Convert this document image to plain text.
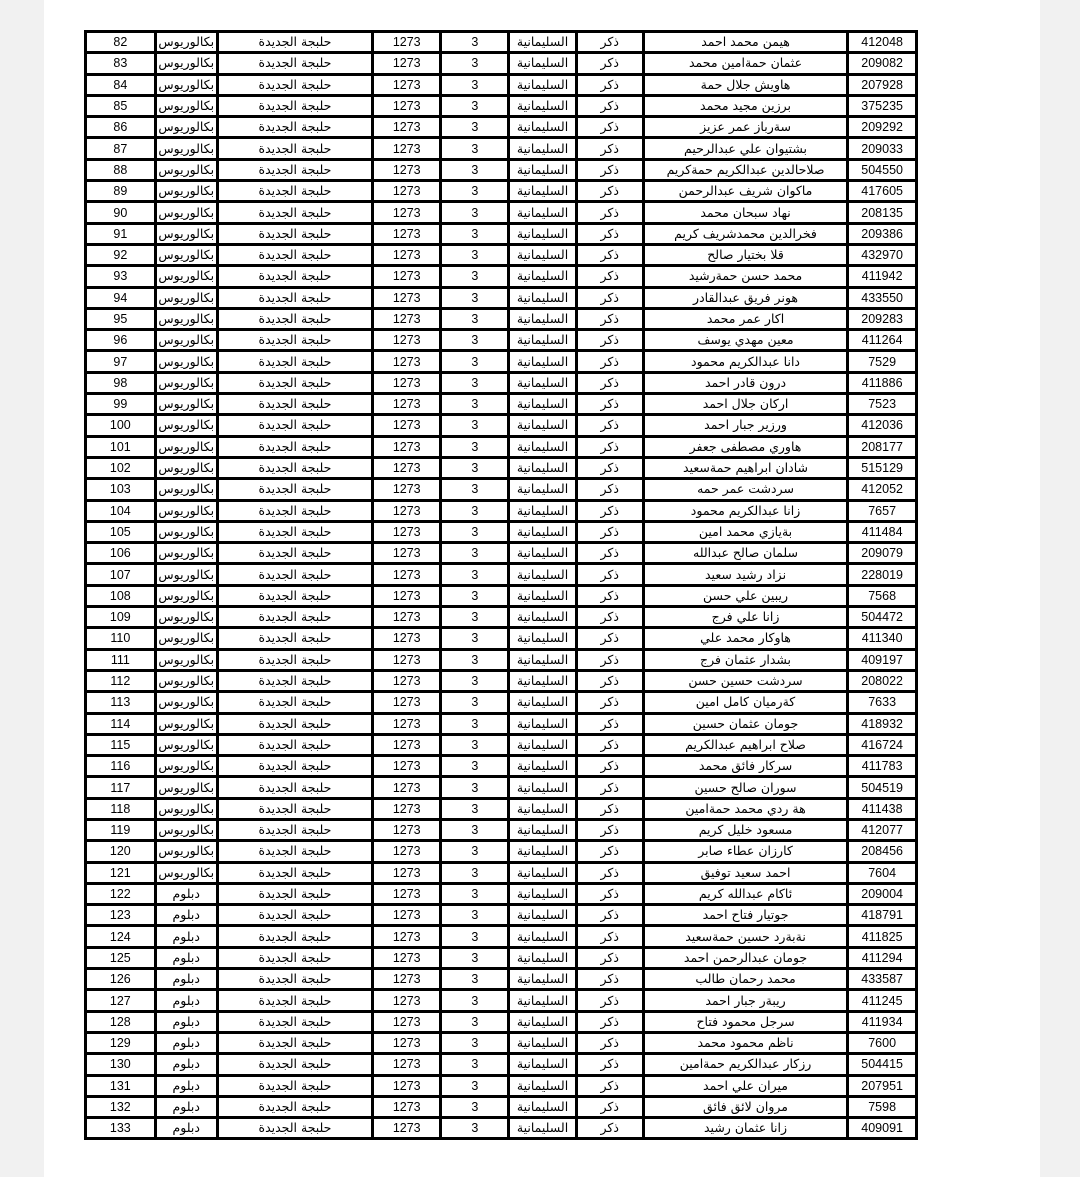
82	بكالوريوس	حلبجة الجديدة	1273	3	السليمانية	ذكر	هيمن محمد احمد	412048
83	بكالوريوس	حلبجة الجديدة	1273	3	السليمانية	ذكر	عثمان حمةامين محمد	209082
84	بكالوريوس	حلبجة الجديدة	1273	3	السليمانية	ذكر	هاويش جلال حمة	207928
85	بكالوريوس	حلبجة الجديدة	1273	3	السليمانية	ذكر	برزين مجيد محمد	375235
86	بكالوريوس	حلبجة الجديدة	1273	3	السليمانية	ذكر	سةرباز عمر عزيز	209292
87	بكالوريوس	حلبجة الجديدة	1273	3	السليمانية	ذكر	بشتيوان علي عبدالرحيم	209033
88	بكالوريوس	حلبجة الجديدة	1273	3	السليمانية	ذكر	صلاحالدين عبدالكريم حمةكريم	504550
89	بكالوريوس	حلبجة الجديدة	1273	3	السليمانية	ذكر	ماكوان شريف عبدالرحمن	417605
90	بكالوريوس	حلبجة الجديدة	1273	3	السليمانية	ذكر	نهاد سبحان محمد	208135
91	بكالوريوس	حلبجة الجديدة	1273	3	السليمانية	ذكر	فخرالدين محمدشريف كريم	209386
92	بكالوريوس	حلبجة الجديدة	1273	3	السليمانية	ذكر	قلا بختيار صالح	432970
93	بكالوريوس	حلبجة الجديدة	1273	3	السليمانية	ذكر	محمد حسن حمةرشيد	411942
94	بكالوريوس	حلبجة الجديدة	1273	3	السليمانية	ذكر	هونر فريق عبدالقادر	433550
95	بكالوريوس	حلبجة الجديدة	1273	3	السليمانية	ذكر	اكار عمر محمد	209283
96	بكالوريوس	حلبجة الجديدة	1273	3	السليمانية	ذكر	معين مهدي يوسف	411264
97	بكالوريوس	حلبجة الجديدة	1273	3	السليمانية	ذكر	دانا عبدالكريم محمود	7529
98	بكالوريوس	حلبجة الجديدة	1273	3	السليمانية	ذكر	درون قادر احمد	411886
99	بكالوريوس	حلبجة الجديدة	1273	3	السليمانية	ذكر	اركان جلال احمد	7523
100	بكالوريوس	حلبجة الجديدة	1273	3	السليمانية	ذكر	ورزير جبار احمد	412036
101	بكالوريوس	حلبجة الجديدة	1273	3	السليمانية	ذكر	هاوري مصطفى جعفر	208177
102	بكالوريوس	حلبجة الجديدة	1273	3	السليمانية	ذكر	شادان ابراهيم حمةسعيد	515129
103	بكالوريوس	حلبجة الجديدة	1273	3	السليمانية	ذكر	سردشت عمر حمه	412052
104	بكالوريوس	حلبجة الجديدة	1273	3	السليمانية	ذكر	زانا عبدالكريم محمود	7657
105	بكالوريوس	حلبجة الجديدة	1273	3	السليمانية	ذكر	بةيازي محمد امين	411484
106	بكالوريوس	حلبجة الجديدة	1273	3	السليمانية	ذكر	سلمان صالح عبدالله	209079
107	بكالوريوس	حلبجة الجديدة	1273	3	السليمانية	ذكر	نزاد رشيد سعيد	228019
108	بكالوريوس	حلبجة الجديدة	1273	3	السليمانية	ذكر	ريبين علي حسن	7568
109	بكالوريوس	حلبجة الجديدة	1273	3	السليمانية	ذكر	زانا علي فرج	504472
110	بكالوريوس	حلبجة الجديدة	1273	3	السليمانية	ذكر	هاوكار محمد علي	411340
111	بكالوريوس	حلبجة الجديدة	1273	3	السليمانية	ذكر	بشدار عثمان فرج	409197
112	بكالوريوس	حلبجة الجديدة	1273	3	السليمانية	ذكر	سردشت حسين حسن	208022
113	بكالوريوس	حلبجة الجديدة	1273	3	السليمانية	ذكر	كةرميان كامل امين	7633
114	بكالوريوس	حلبجة الجديدة	1273	3	السليمانية	ذكر	جومان عثمان حسين	418932
115	بكالوريوس	حلبجة الجديدة	1273	3	السليمانية	ذكر	صلاح ابراهيم عبدالكريم	416724
116	بكالوريوس	حلبجة الجديدة	1273	3	السليمانية	ذكر	سركار فائق محمد	411783
117	بكالوريوس	حلبجة الجديدة	1273	3	السليمانية	ذكر	سوران صالح حسين	504519
118	بكالوريوس	حلبجة الجديدة	1273	3	السليمانية	ذكر	هة ردي محمد حمةامين	411438
119	بكالوريوس	حلبجة الجديدة	1273	3	السليمانية	ذكر	مسعود خليل كريم	412077
120	بكالوريوس	حلبجة الجديدة	1273	3	السليمانية	ذكر	كارزان عطاء صابر	208456
121	بكالوريوس	حلبجة الجديدة	1273	3	السليمانية	ذكر	احمد سعيد توفيق	7604
122	دبلوم	حلبجة الجديدة	1273	3	السليمانية	ذكر	ئاكام عبدالله كريم	209004
123	دبلوم	حلبجة الجديدة	1273	3	السليمانية	ذكر	جوتيار فتاح احمد	418791
124	دبلوم	حلبجة الجديدة	1273	3	السليمانية	ذكر	نةبةرد حسين حمةسعيد	411825
125	دبلوم	حلبجة الجديدة	1273	3	السليمانية	ذكر	جومان عبدالرحمن احمد	411294
126	دبلوم	حلبجة الجديدة	1273	3	السليمانية	ذكر	محمد رحمان طالب	433587
127	دبلوم	حلبجة الجديدة	1273	3	السليمانية	ذكر	ريبةر جبار احمد	411245
128	دبلوم	حلبجة الجديدة	1273	3	السليمانية	ذكر	سرجل محمود فتاح	411934
129	دبلوم	حلبجة الجديدة	1273	3	السليمانية	ذكر	ناظم محمود محمد	7600
130	دبلوم	حلبجة الجديدة	1273	3	السليمانية	ذكر	رزكار عبدالكريم حمةامين	504415
131	دبلوم	حلبجة الجديدة	1273	3	السليمانية	ذكر	ميران علي احمد	207951
132	دبلوم	حلبجة الجديدة	1273	3	السليمانية	ذكر	مروان لائق فائق	7598
133	دبلوم	حلبجة الجديدة	1273	3	السليمانية	ذكر	زانا عثمان رشيد	409091
